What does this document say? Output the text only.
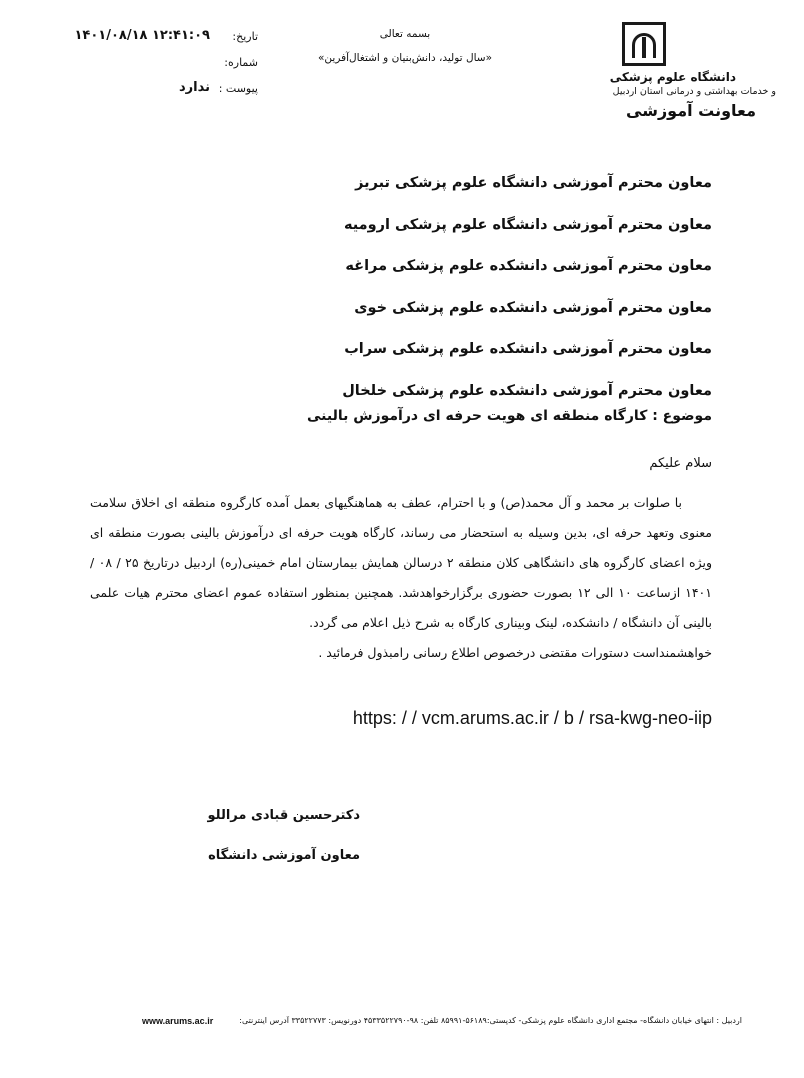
دانشگاه علوم پزشکی
و خدمات بهداشتی و درمانی استان اردبیل
معاونت آموزشی
بسمه تعالی
«سال تولید، دانش‌بنیان و اشتغال‌آفرین»
تاریخ:
۱۴۰۱/۰۸/۱۸ ۱۲:۴۱:۰۹
شماره:
پیوست :
ندارد
معاون محترم آموزشی دانشگاه علوم پزشکی تبریز
معاون محترم آموزشی دانشگاه علوم پزشکی ارومیه
معاون محترم آموزشی دانشکده علوم پزشکی مراغه
معاون محترم آموزشی دانشکده علوم پزشکی خوی
معاون محترم آموزشی دانشکده علوم پزشکی سراب
معاون محترم آموزشی دانشکده علوم پزشکی خلخال
موضوع : کارگاه منطقه ای هویت حرفه ای درآموزش بالینی
سلام علیکم

با صلوات بر محمد و آل محمد(ص) و با احترام، عطف به هماهنگیهای بعمل آمده کارگروه منطقه ای اخلاق سلامت معنوی وتعهد حرفه ای، بدین وسیله به استحضار می رساند، کارگاه هویت حرفه ای درآموزش بالینی بصورت منطقه ای ویژه اعضای کارگروه های دانشگاهی کلان منطقه ۲ درسالن همایش بیمارستان امام خمینی(ره) اردبیل درتاریخ ۲۵ / ۰۸ / ۱۴۰۱ ازساعت ۱۰ الی ۱۲ بصورت حضوری برگزارخواهدشد. همچنین بمنظور استفاده عموم اعضای محترم هیات علمی بالینی آن دانشگاه / دانشکده، لینک وبیناری کارگاه به شرح ذیل اعلام می گردد.

خواهشمنداست دستورات مقتضی درخصوص اطلاع رسانی رامبذول فرمائید .

https: / / vcm.arums.ac.ir / b / rsa-kwg-neo-iip
دکترحسین قبادی مراللو
معاون آموزشی دانشگاه
اردبیل : انتهای خیابان دانشگاه- مجتمع اداری دانشگاه علوم پزشکی- کدپستی:۵۶۱۸۹-۸۵۹۹۱ تلفن: ۹۸-۴۵۳۳۵۲۲۷۹۰ دورنویس: ۳۳۵۲۲۷۷۳ آدرس اینترنتی:
www.arums.ac.ir
